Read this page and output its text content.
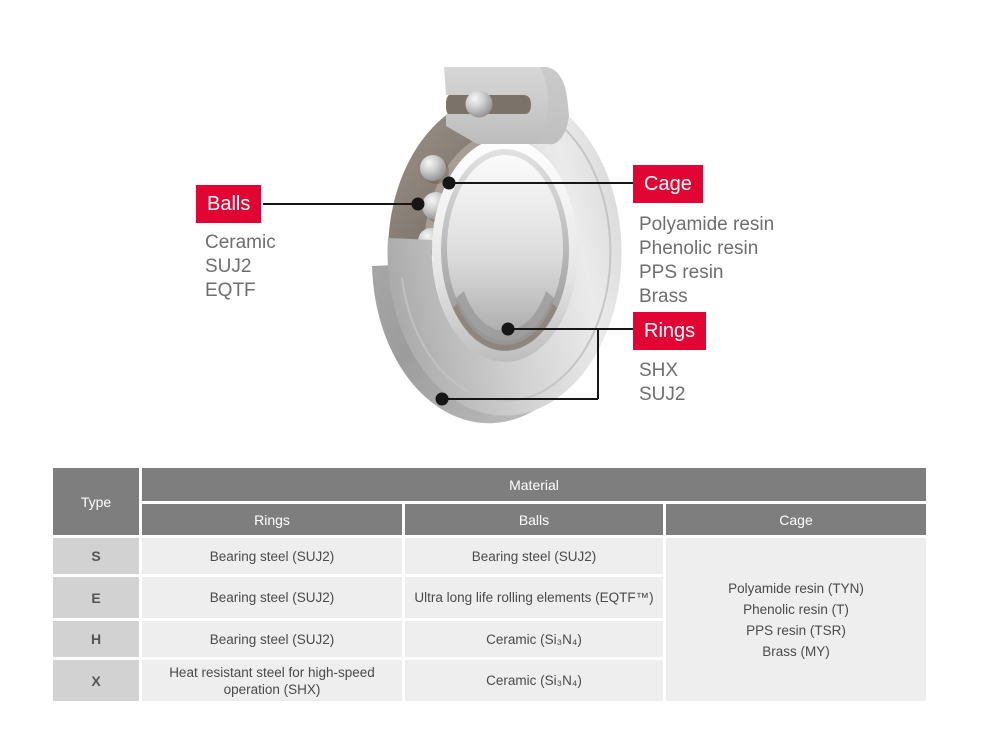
Balls
Ceramic
SUJ2
EQTF
Cage
Polyamide resin
Phenolic resin
PPS resin
Brass
Rings
SHX
SUJ2
Type	Material		
	Rings	Balls	Cage
S	Bearing steel (SUJ2)	Bearing steel (SUJ2)	Polyamide resin (TYN)
Phenolic resin (T)
PPS resin (TSR)
Brass (MY)

E	Bearing steel (SUJ2)	Ultra long life rolling elements (EQTF™)	
H	Bearing steel (SUJ2)	Ceramic (Si₃N₄)	
X	Heat resistant steel for high-speed operation (SHX)	Ceramic (Si₃N₄)	
